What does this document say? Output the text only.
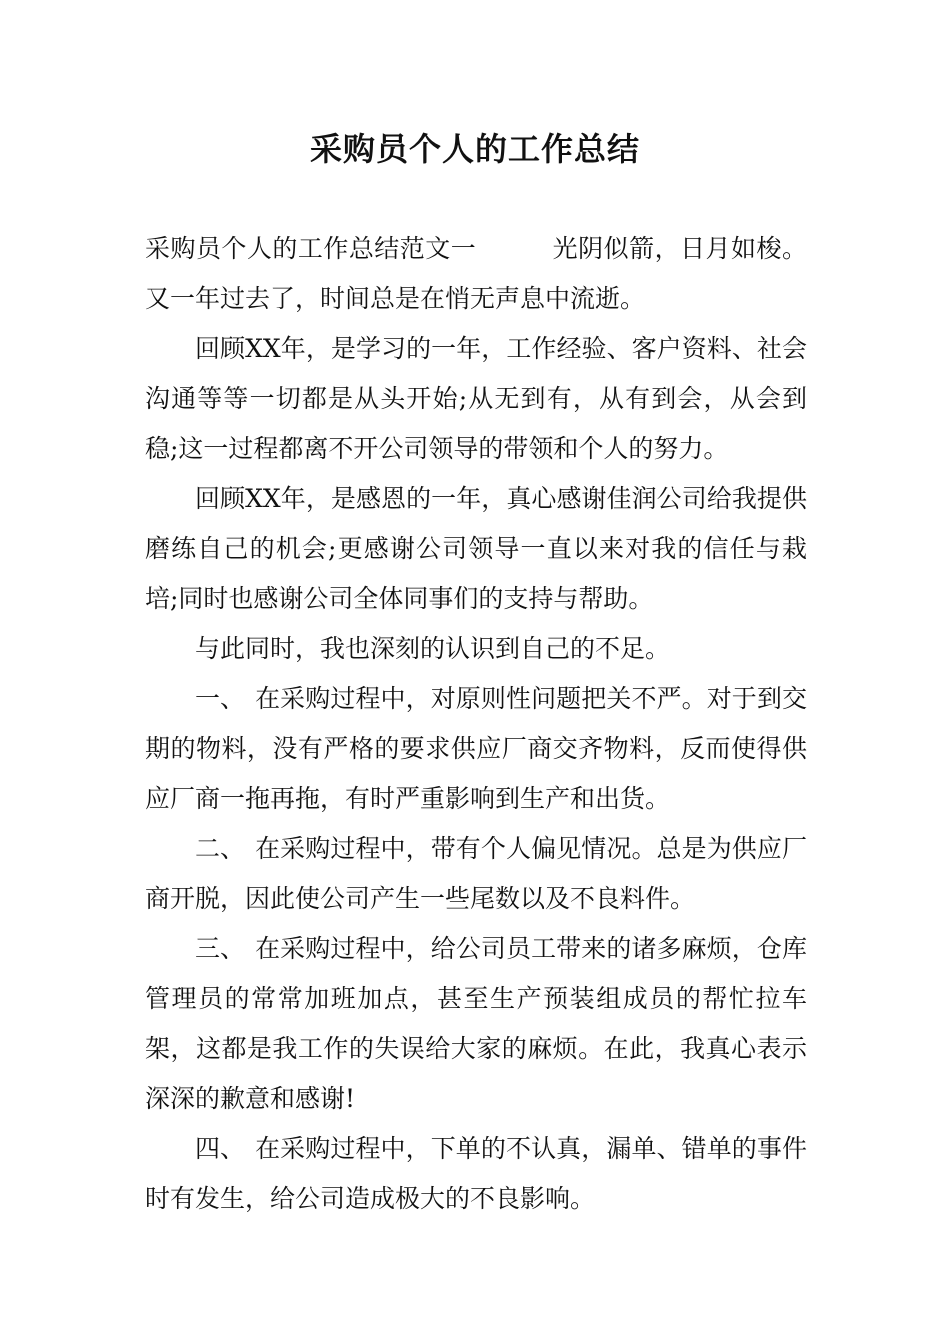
采购员个人的工作总结

采购员个人的工作总结范文一	光阴似箭，日月如梭。又一年过去了，时间总是在悄无声息中流逝。

回顾XX年，是学习的一年，工作经验、客户资料、社会沟通等等一切都是从头开始;从无到有，从有到会，从会到稳;这一过程都离不开公司领导的带领和个人的努力。

回顾XX年，是感恩的一年，真心感谢佳润公司给我提供磨练自己的机会;更感谢公司领导一直以来对我的信任与栽培;同时也感谢公司全体同事们的支持与帮助。

与此同时，我也深刻的认识到自己的不足。

一、 在采购过程中，对原则性问题把关不严。对于到交期的物料，没有严格的要求供应厂商交齐物料，反而使得供应厂商一拖再拖，有时严重影响到生产和出货。

二、 在采购过程中，带有个人偏见情况。总是为供应厂商开脱，因此使公司产生一些尾数以及不良料件。

三、 在采购过程中，给公司员工带来的诸多麻烦，仓库管理员的常常加班加点，甚至生产预装组成员的帮忙拉车架，这都是我工作的失误给大家的麻烦。在此，我真心表示深深的歉意和感谢!

四、 在采购过程中，下单的不认真，漏单、错单的事件时有发生，给公司造成极大的不良影响。
